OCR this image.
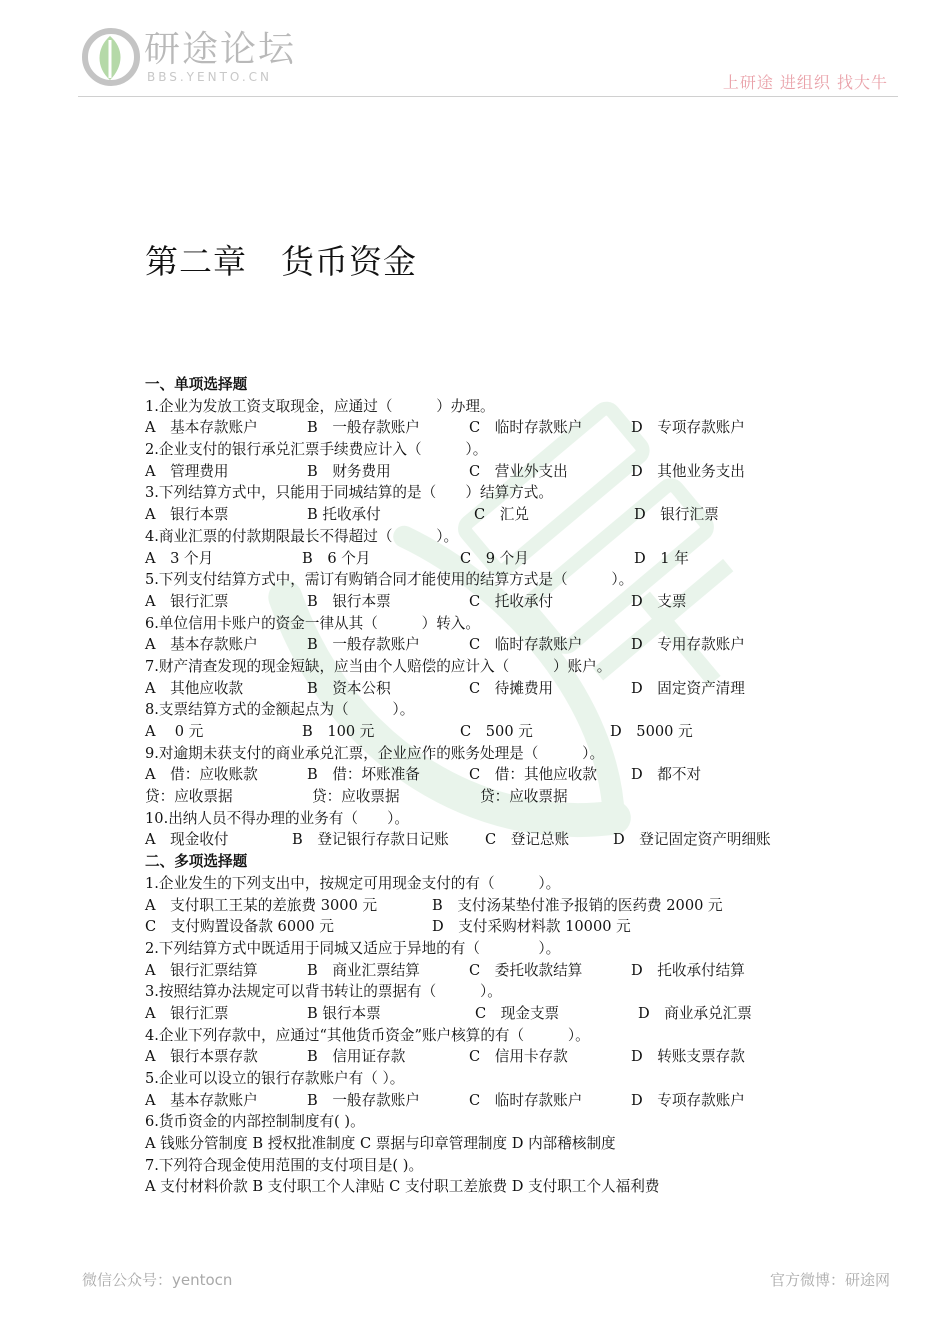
研途论坛
BBS.YENTO.CN	上研途 进组织 找大牛
第二章　货币资金
一、单项选择题
1.企业为发放工资支取现金，应通过（　　　）办理。
A　基本存款账户	B　一般存款账户	C　临时存款账户	D　专项存款账户
2.企业支付的银行承兑汇票手续费应计入（　　　）。
A　管理费用	B　财务费用	C　营业外支出	D　其他业务支出
3.下列结算方式中，只能用于同城结算的是（　　）结算方式。
A　银行本票	B 托收承付	C　汇兑	D　银行汇票
4.商业汇票的付款期限最长不得超过（　　　）。
A　3 个月	B　6 个月	C　9 个月	D　1 年
5.下列支付结算方式中，需订有购销合同才能使用的结算方式是（　　　）。
A　银行汇票	B　银行本票	C　托收承付	D　支票
6.单位信用卡账户的资金一律从其（　　　）转入。
A　基本存款账户	B　一般存款账户	C　临时存款账户	D　专用存款账户
7.财产清查发现的现金短缺，应当由个人赔偿的应计入（　　　）账户。
A　其他应收款	B　资本公积	C　待摊费用	D　固定资产清理
8.支票结算方式的金额起点为（　　　）。
A　 0 元	B　100 元	C　500 元	D　5000 元
9.对逾期未获支付的商业承兑汇票，企业应作的账务处理是（　　　）。
A　借：应收账款	B　借：坏账准备	C　借：其他应收款 D　都不对
贷：应收票据	贷：应收票据	贷：应收票据
10.出纳人员不得办理的业务有（　　）。
A　现金收付	B　登记银行存款日记账 C　登记总账	D　登记固定资产明细账
二、多项选择题
1.企业发生的下列支出中，按规定可用现金支付的有（　　　）。
A　支付职工王某的差旅费 3000 元	B　支付汤某垫付准予报销的医药费 2000 元
C　支付购置设备款 6000 元	D　支付采购材料款 10000 元
2.下列结算方式中既适用于同城又适应于异地的有（　　　　）。
A　银行汇票结算	B　商业汇票结算	C　委托收款结算	D　托收承付结算
3.按照结算办法规定可以背书转让的票据有（　　　）。
A　银行汇票	B 银行本票	C　现金支票	D　商业承兑汇票
4.企业下列存款中，应通过“其他货币资金”账户核算的有（　　　）。
A　银行本票存款	B　信用证存款	C　信用卡存款	D　转账支票存款
5.企业可以设立的银行存款账户有（ ）。
A　基本存款账户	B　一般存款账户	C　临时存款账户	D　专项存款账户
6.货币资金的内部控制制度有( )。
A 钱账分管制度 B 授权批准制度 C 票据与印章管理制度 D 内部稽核制度
7.下列符合现金使用范围的支付项目是( )。
A 支付材料价款 B 支付职工个人津贴 C 支付职工差旅费 D 支付职工个人福利费
微信公众号：yentocn	官方微博：研途网
